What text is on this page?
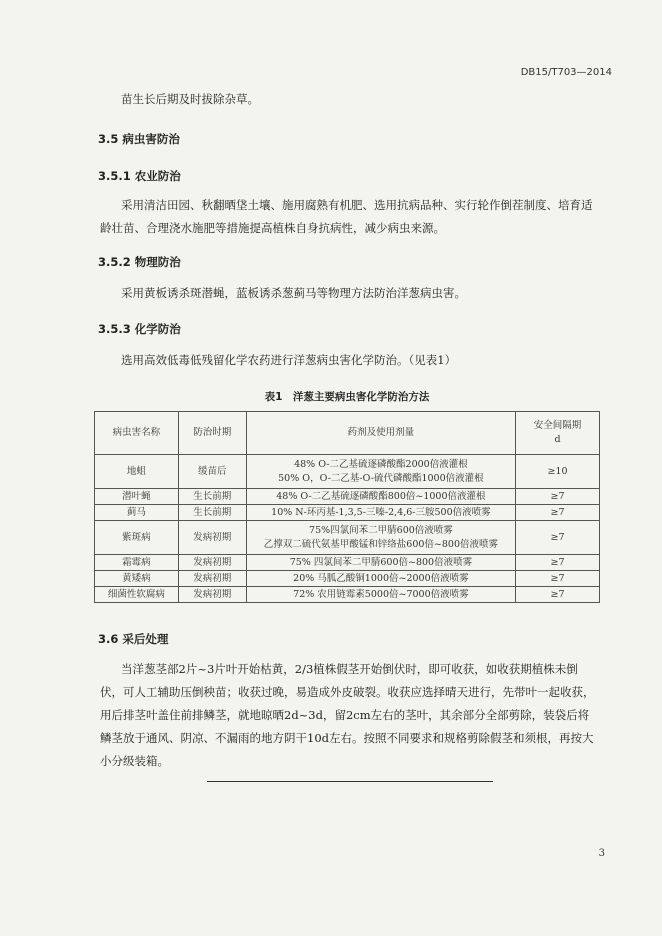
DB15/T703—2014

苗生长后期及时拔除杂草。

3.5 病虫害防治
3.5.1 农业防治

采用清洁田园、秋翻晒垡土壤、施用腐熟有机肥、选用抗病品种、实行轮作倒茬制度、培育适龄壮苗、合理浇水施肥等措施提高植株自身抗病性，减少病虫来源。

3.5.2 物理防治

采用黄板诱杀斑潜蝇，蓝板诱杀葱蓟马等物理方法防治洋葱病虫害。

3.5.3 化学防治

选用高效低毒低残留化学农药进行洋葱病虫害化学防治。（见表1）

表1　洋葱主要病虫害化学防治方法
病虫害名称	防治时期	药剂及使用剂量	安全间隔期
d
地蛆	缓苗后	48% O-二乙基硫逐磷酸酯2000倍液灌根
50% O，O-二乙基-O-硫代磷酸酯1000倍液灌根	≥10
潜叶蝇	生长前期	48% O-二乙基硫逐磷酸酯800倍~1000倍液灌根	≥7
蓟马	生长前期	10% N-环丙基-1,3,5-三嗪-2,4,6-三胺500倍液喷雾	≥7
紫斑病	发病初期	75%四氯间苯二甲腈600倍液喷雾
乙撑双二硫代氨基甲酸锰和锌络盐600倍~800倍液喷雾	≥7
霜霉病	发病初期	75% 四氯间苯二甲腈600倍~800倍液喷雾	≥7
黄矮病	发病初期	20% 马胍乙酸铜1000倍~2000倍液喷雾	≥7
细菌性软腐病	发病初期	72% 农用链霉素5000倍~7000倍液喷雾	≥7
3.6 采后处理

当洋葱茎部2片~3片叶开始枯黄，2/3植株假茎开始倒伏时，即可收获，如收获期植株未倒伏，可人工辅助压倒秧苗；收获过晚，易造成外皮破裂。收获应选择晴天进行，先带叶一起收获，用后排茎叶盖住前排鳞茎，就地晾晒2d~3d，留2cm左右的茎叶，其余部分全部剪除，装袋后将鳞茎放于通风、阴凉、不漏雨的地方阴干10d左右。按照不同要求和规格剪除假茎和须根，再按大小分级装箱。

3
